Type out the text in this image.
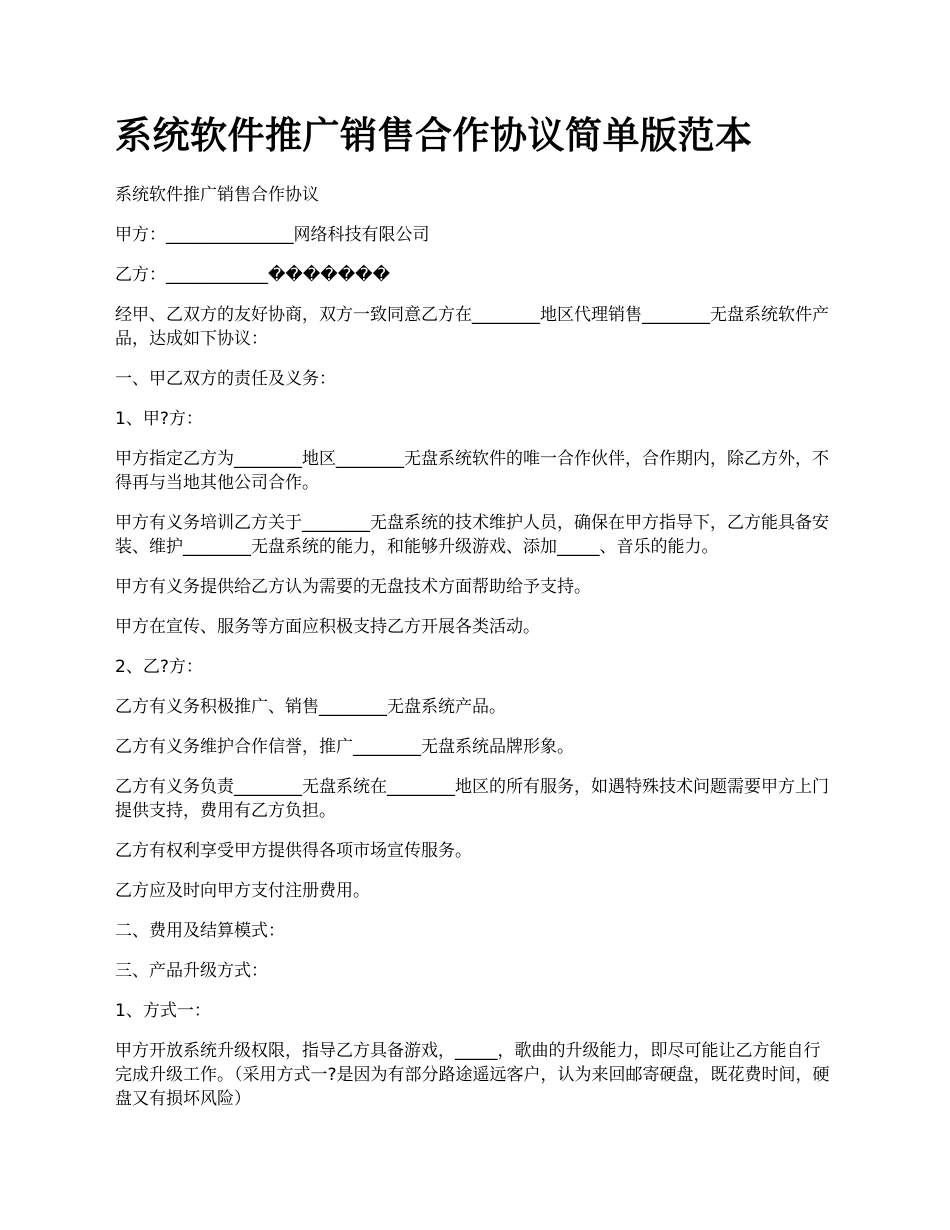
系统软件推广销售合作协议简单版范本

系统软件推广销售合作协议

甲方：_______________网络科技有限公司

乙方：____________�������

经甲、乙双方的友好协商，双方一致同意乙方在________地区代理销售________无盘系统软件产品，达成如下协议：

一、甲乙双方的责任及义务：

1、甲?方：

甲方指定乙方为________地区________无盘系统软件的唯一合作伙伴，合作期内，除乙方外，不得再与当地其他公司合作。

甲方有义务培训乙方关于________无盘系统的技术维护人员，确保在甲方指导下，乙方能具备安装、维护________无盘系统的能力，和能够升级游戏、添加_____、音乐的能力。

甲方有义务提供给乙方认为需要的无盘技术方面帮助给予支持。

甲方在宣传、服务等方面应积极支持乙方开展各类活动。

2、乙?方：

乙方有义务积极推广、销售________无盘系统产品。

乙方有义务维护合作信誉，推广________无盘系统品牌形象。

乙方有义务负责________无盘系统在________地区的所有服务，如遇特殊技术问题需要甲方上门提供支持，费用有乙方负担。

乙方有权利享受甲方提供得各项市场宣传服务。

乙方应及时向甲方支付注册费用。

二、费用及结算模式：

三、产品升级方式：

1、方式一：

甲方开放系统升级权限，指导乙方具备游戏，_____，歌曲的升级能力，即尽可能让乙方能自行完成升级工作。（采用方式一?是因为有部分路途遥远客户，认为来回邮寄硬盘，既花费时间，硬盘又有损坏风险）
